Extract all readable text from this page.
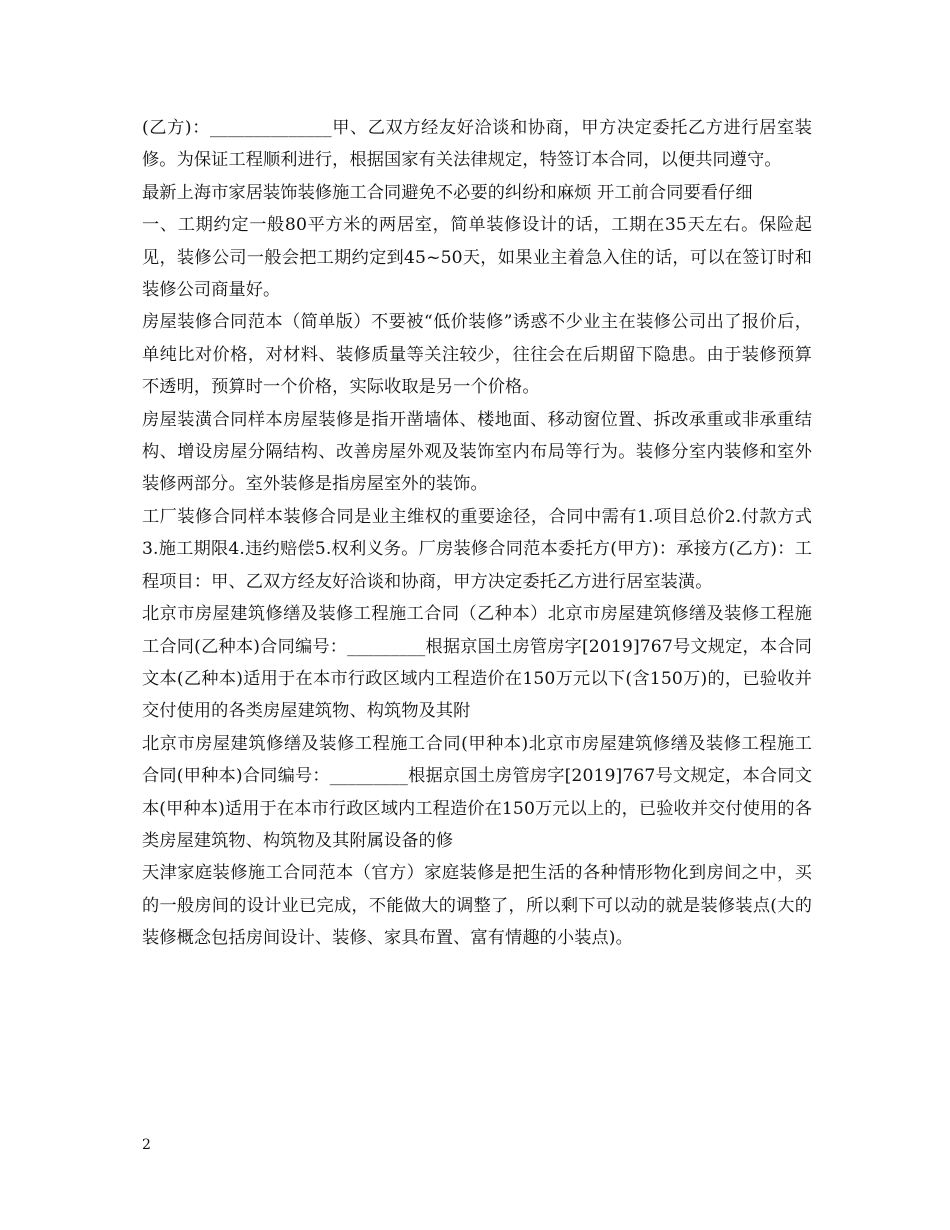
(乙方)：______________甲、乙双方经友好洽谈和协商，甲方决定委托乙方进行居室装修。为保证工程顺利进行，根据国家有关法律规定，特签订本合同，以便共同遵守。

最新上海市家居装饰装修施工合同避免不必要的纠纷和麻烦 开工前合同要看仔细

一、工期约定一般80平方米的两居室，简单装修设计的话，工期在35天左右。保险起见，装修公司一般会把工期约定到45~50天，如果业主着急入住的话，可以在签订时和装修公司商量好。

房屋装修合同范本（简单版）不要被“低价装修”诱惑不少业主在装修公司出了报价后，单纯比对价格，对材料、装修质量等关注较少，往往会在后期留下隐患。由于装修预算不透明，预算时一个价格，实际收取是另一个价格。

房屋装潢合同样本房屋装修是指开凿墙体、楼地面、移动窗位置、拆改承重或非承重结构、增设房屋分隔结构、改善房屋外观及装饰室内布局等行为。装修分室内装修和室外装修两部分。室外装修是指房屋室外的装饰。

工厂装修合同样本装修合同是业主维权的重要途径，合同中需有1.项目总价2.付款方式3.施工期限4.违约赔偿5.权利义务。厂房装修合同范本委托方(甲方)：承接方(乙方)：工程项目：甲、乙双方经友好洽谈和协商，甲方决定委托乙方进行居室装潢。

北京市房屋建筑修缮及装修工程施工合同（乙种本）北京市房屋建筑修缮及装修工程施工合同(乙种本)合同编号：_________根据京国土房管房字[2019]767号文规定，本合同文本(乙种本)适用于在本市行政区域内工程造价在150万元以下(含150万)的，已验收并交付使用的各类房屋建筑物、构筑物及其附

北京市房屋建筑修缮及装修工程施工合同(甲种本)北京市房屋建筑修缮及装修工程施工合同(甲种本)合同编号：_________根据京国土房管房字[2019]767号文规定，本合同文本(甲种本)适用于在本市行政区域内工程造价在150万元以上的，已验收并交付使用的各类房屋建筑物、构筑物及其附属设备的修

天津家庭装修施工合同范本（官方）家庭装修是把生活的各种情形物化到房间之中，买的一般房间的设计业已完成，不能做大的调整了，所以剩下可以动的就是装修装点(大的装修概念包括房间设计、装修、家具布置、富有情趣的小装点)。

2
